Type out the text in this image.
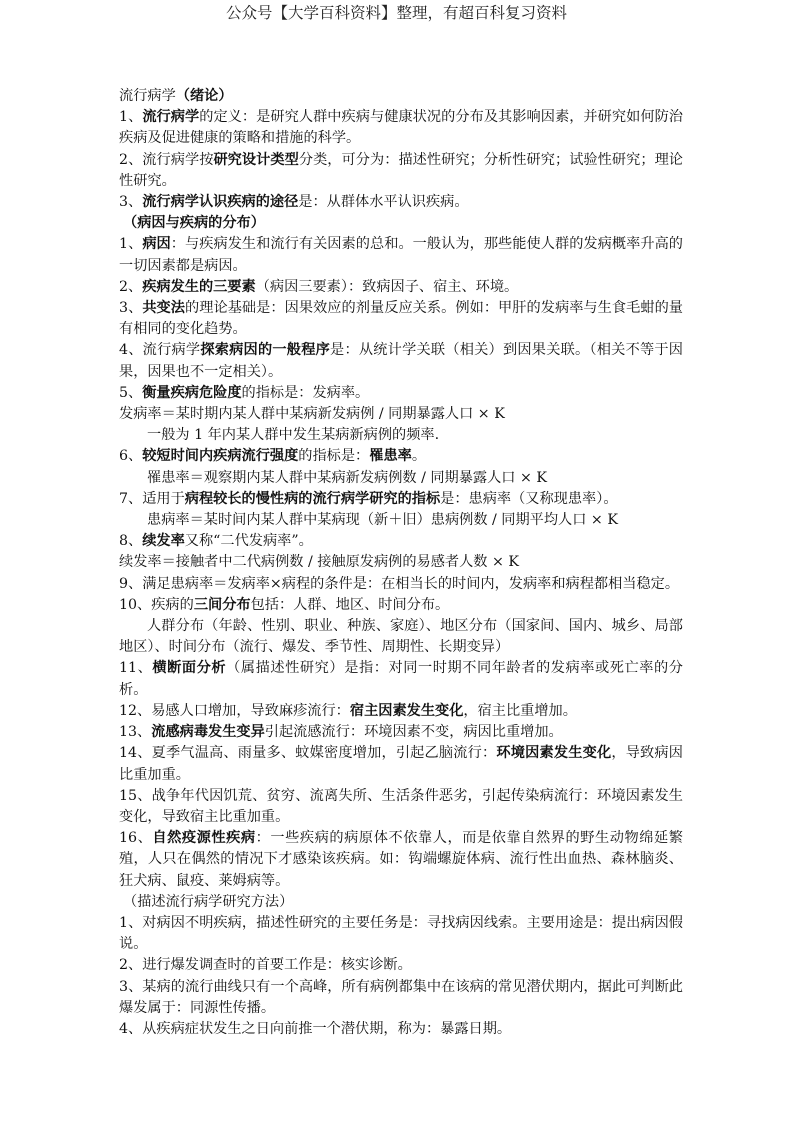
公众号【大学百科资料】整理，有超百科复习资料

流行病学（绪论）

1、流行病学的定义：是研究人群中疾病与健康状况的分布及其影响因素，并研究如何防治疾病及促进健康的策略和措施的科学。

2、流行病学按研究设计类型分类，可分为：描述性研究；分析性研究；试验性研究；理论性研究。

3、流行病学认识疾病的途径是：从群体水平认识疾病。

（病因与疾病的分布）

1、病因：与疾病发生和流行有关因素的总和。一般认为，那些能使人群的发病概率升高的一切因素都是病因。

2、疾病发生的三要素（病因三要素）：致病因子、宿主、环境。

3、共变法的理论基础是：因果效应的剂量反应关系。例如：甲肝的发病率与生食毛蚶的量有相同的变化趋势。

4、流行病学探索病因的一般程序是：从统计学关联（相关）到因果关联。（相关不等于因果，因果也不一定相关）。

5、衡量疾病危险度的指标是：发病率。

发病率＝某时期内某人群中某病新发病例 / 同期暴露人口 × K

一般为 1 年内某人群中发生某病新病例的频率.

6、较短时间内疾病流行强度的指标是：罹患率。

罹患率＝观察期内某人群中某病新发病例数 / 同期暴露人口 × K

7、适用于病程较长的慢性病的流行病学研究的指标是：患病率（又称现患率）。

患病率＝某时间内某人群中某病现（新＋旧）患病例数 / 同期平均人口 × K

8、续发率又称“二代发病率”。

续发率＝接触者中二代病例数 / 接触原发病例的易感者人数 × K

9、满足患病率＝发病率×病程的条件是：在相当长的时间内，发病率和病程都相当稳定。

10、疾病的三间分布包括：人群、地区、时间分布。

人群分布（年龄、性别、职业、种族、家庭）、地区分布（国家间、国内、城乡、局部地区）、时间分布（流行、爆发、季节性、周期性、长期变异）

11、横断面分析（属描述性研究）是指：对同一时期不同年龄者的发病率或死亡率的分析。

12、易感人口增加，导致麻疹流行：宿主因素发生变化，宿主比重增加。

13、流感病毒发生变异引起流感流行：环境因素不变，病因比重增加。

14、夏季气温高、雨量多、蚊媒密度增加，引起乙脑流行：环境因素发生变化，导致病因比重加重。

15、战争年代因饥荒、贫穷、流离失所、生活条件恶劣，引起传染病流行：环境因素发生变化，导致宿主比重加重。

16、自然疫源性疾病：一些疾病的病原体不依靠人，而是依靠自然界的野生动物绵延繁殖，人只在偶然的情况下才感染该疾病。如：钩端螺旋体病、流行性出血热、森林脑炎、狂犬病、鼠疫、莱姆病等。

（描述流行病学研究方法）

1、对病因不明疾病，描述性研究的主要任务是：寻找病因线索。主要用途是：提出病因假说。

2、进行爆发调查时的首要工作是：核实诊断。

3、某病的流行曲线只有一个高峰，所有病例都集中在该病的常见潜伏期内，据此可判断此爆发属于：同源性传播。

4、从疾病症状发生之日向前推一个潜伏期，称为：暴露日期。
